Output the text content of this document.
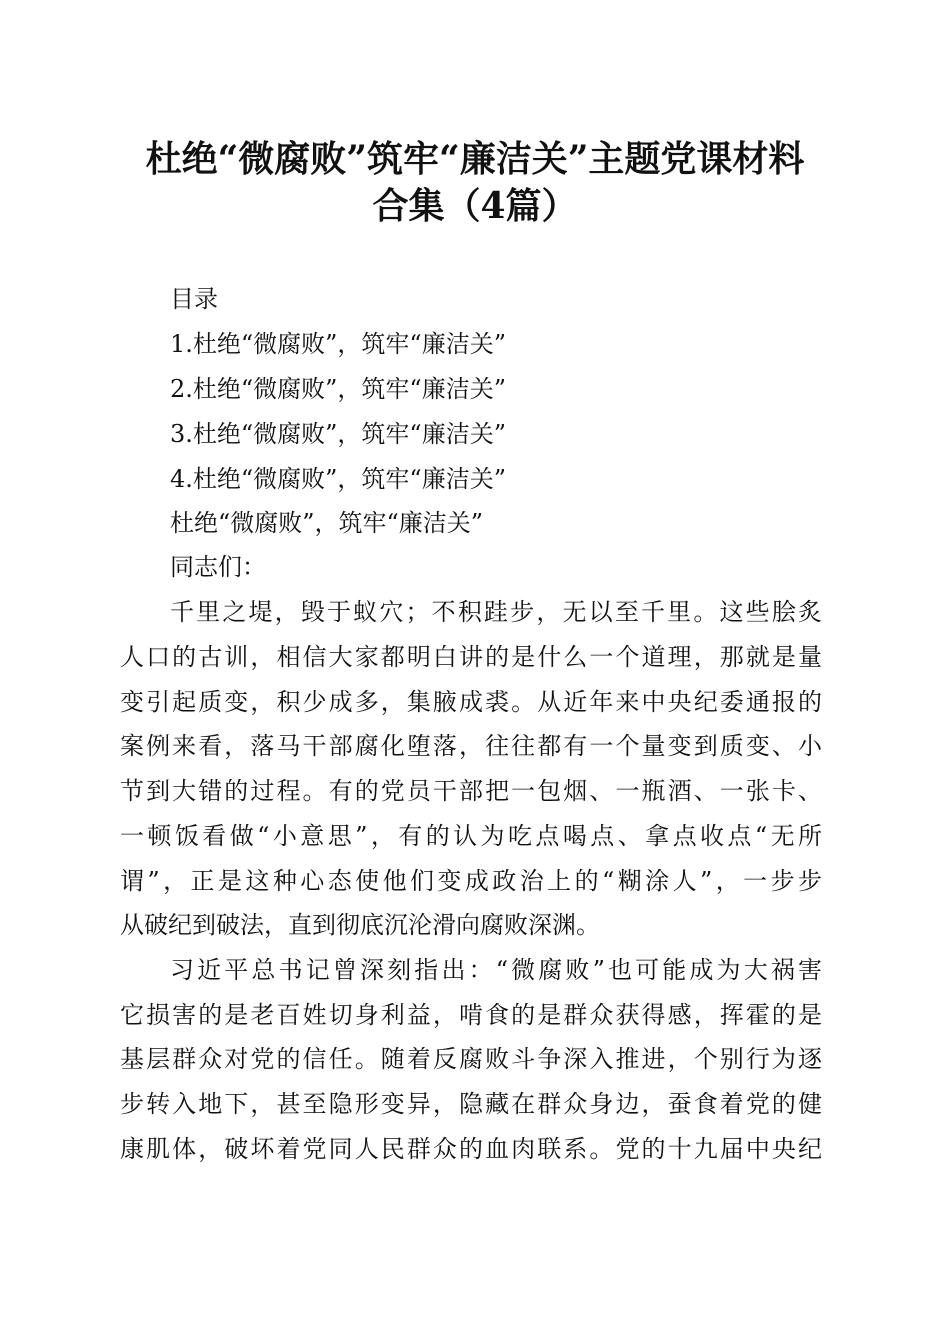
杜绝“微腐败”筑牢“廉洁关”主题党课材料
合集（4篇）
目录
1.杜绝“微腐败”，筑牢“廉洁关”
2.杜绝“微腐败”，筑牢“廉洁关”
3.杜绝“微腐败”，筑牢“廉洁关”
4.杜绝“微腐败”，筑牢“廉洁关”
杜绝“微腐败”，筑牢“廉洁关”
同志们：
千里之堤，毁于蚁穴；不积跬步，无以至千里。这些脍炙
人口的古训，相信大家都明白讲的是什么一个道理，那就是量
变引起质变，积少成多，集腋成裘。从近年来中央纪委通报的
案例来看，落马干部腐化堕落，往往都有一个量变到质变、小
节到大错的过程。有的党员干部把一包烟、一瓶酒、一张卡、
一顿饭看做“小意思”，有的认为吃点喝点、拿点收点“无所
谓”，正是这种心态使他们变成政治上的“糊涂人”，一步步
从破纪到破法，直到彻底沉沦滑向腐败深渊。
习近平总书记曾深刻指出：“微腐败”也可能成为大祸害
它损害的是老百姓切身利益，啃食的是群众获得感，挥霍的是
基层群众对党的信任。随着反腐败斗争深入推进，个别行为逐
步转入地下，甚至隐形变异，隐藏在群众身边，蚕食着党的健
康肌体，破坏着党同人民群众的血肉联系。党的十九届中央纪
